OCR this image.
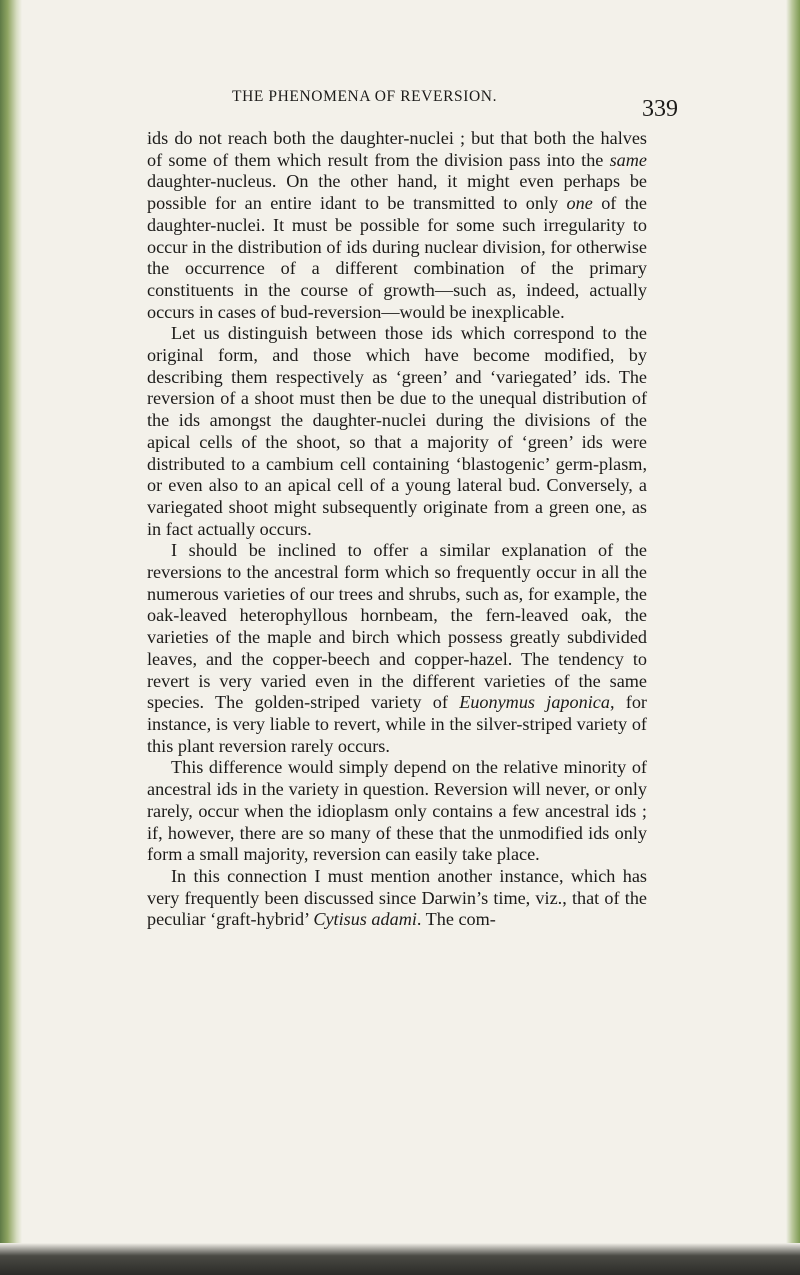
THE PHENOMENA OF REVERSION.	339

ids do not reach both the daughter-nuclei ; but that both the halves of some of them which result from the division pass into the same daughter-nucleus. On the other hand, it might even perhaps be possible for an entire idant to be transmitted to only one of the daughter-nuclei. It must be possible for some such irregularity to occur in the distribution of ids during nuclear division, for otherwise the occurrence of a different combination of the primary constituents in the course of growth—such as, indeed, actually occurs in cases of bud-reversion—would be inexplicable.

Let us distinguish between those ids which correspond to the original form, and those which have become modified, by describing them respectively as ‘green’ and ‘variegated’ ids. The reversion of a shoot must then be due to the unequal distribution of the ids amongst the daughter-nuclei during the divisions of the apical cells of the shoot, so that a majority of ‘green’ ids were distributed to a cambium cell containing ‘blastogenic’ germ-plasm, or even also to an apical cell of a young lateral bud. Conversely, a variegated shoot might subsequently originate from a green one, as in fact actually occurs.

I should be inclined to offer a similar explanation of the reversions to the ancestral form which so frequently occur in all the numerous varieties of our trees and shrubs, such as, for example, the oak-leaved heterophyllous hornbeam, the fern-leaved oak, the varieties of the maple and birch which possess greatly subdivided leaves, and the copper-beech and copper-hazel. The tendency to revert is very varied even in the different varieties of the same species. The golden-striped variety of Euonymus japonica, for instance, is very liable to revert, while in the silver-striped variety of this plant reversion rarely occurs.

This difference would simply depend on the relative minority of ancestral ids in the variety in question. Reversion will never, or only rarely, occur when the idioplasm only contains a few ancestral ids ; if, however, there are so many of these that the unmodified ids only form a small majority, reversion can easily take place.

In this connection I must mention another instance, which has very frequently been discussed since Darwin’s time, viz., that of the peculiar ‘graft-hybrid’ Cytisus adami. The com-
